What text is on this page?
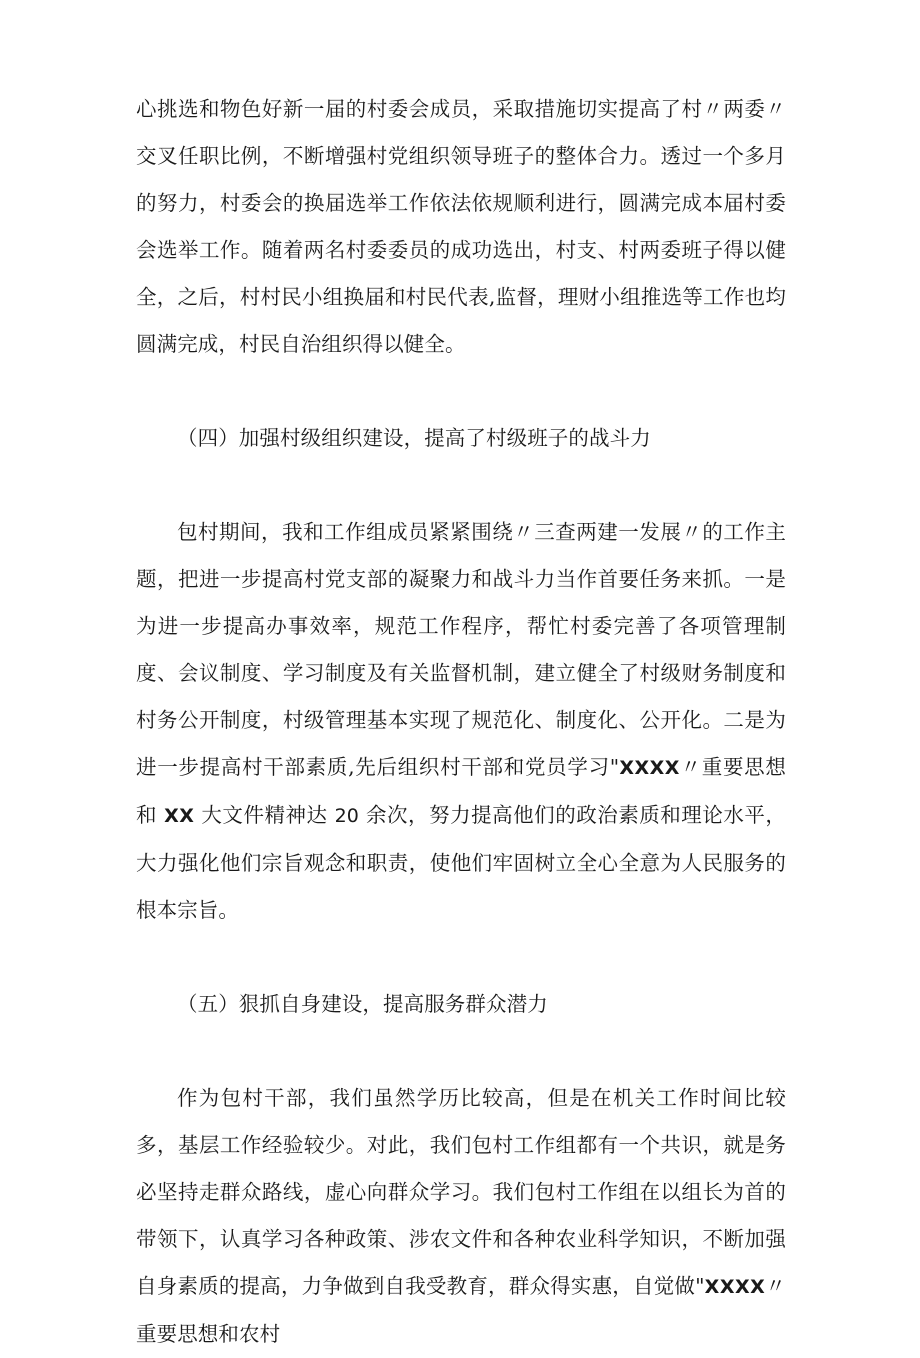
心挑选和物色好新一届的村委会成员，采取措施切实提高了村〃两委〃交叉任职比例，不断增强村党组织领导班子的整体合力。透过一个多月的努力，村委会的换届选举工作依法依规顺利进行，圆满完成本届村委会选举工作。随着两名村委委员的成功选出，村支、村两委班子得以健全，之后，村村民小组换届和村民代表,监督，理财小组推选等工作也均圆满完成，村民自治组织得以健全。

（四）加强村级组织建设，提高了村级班子的战斗力

包村期间，我和工作组成员紧紧围绕〃三查两建一发展〃的工作主题，把进一步提高村党支部的凝聚力和战斗力当作首要任务来抓。一是为进一步提高办事效率，规范工作程序，帮忙村委完善了各项管理制度、会议制度、学习制度及有关监督机制，建立健全了村级财务制度和村务公开制度，村级管理基本实现了规范化、制度化、公开化。二是为进一步提高村干部素质,先后组织村干部和党员学习"XXXX〃重要思想和 XX 大文件精神达 20 余次，努力提高他们的政治素质和理论水平，大力强化他们宗旨观念和职责，使他们牢固树立全心全意为人民服务的根本宗旨。

（五）狠抓自身建设，提高服务群众潜力

作为包村干部，我们虽然学历比较高，但是在机关工作时间比较多，基层工作经验较少。对此，我们包村工作组都有一个共识，就是务必坚持走群众路线，虚心向群众学习。我们包村工作组在以组长为首的带领下，认真学习各种政策、涉农文件和各种农业科学知识，不断加强自身素质的提高，力争做到自我受教育，群众得实惠，自觉做"XXXX〃重要思想和农村
